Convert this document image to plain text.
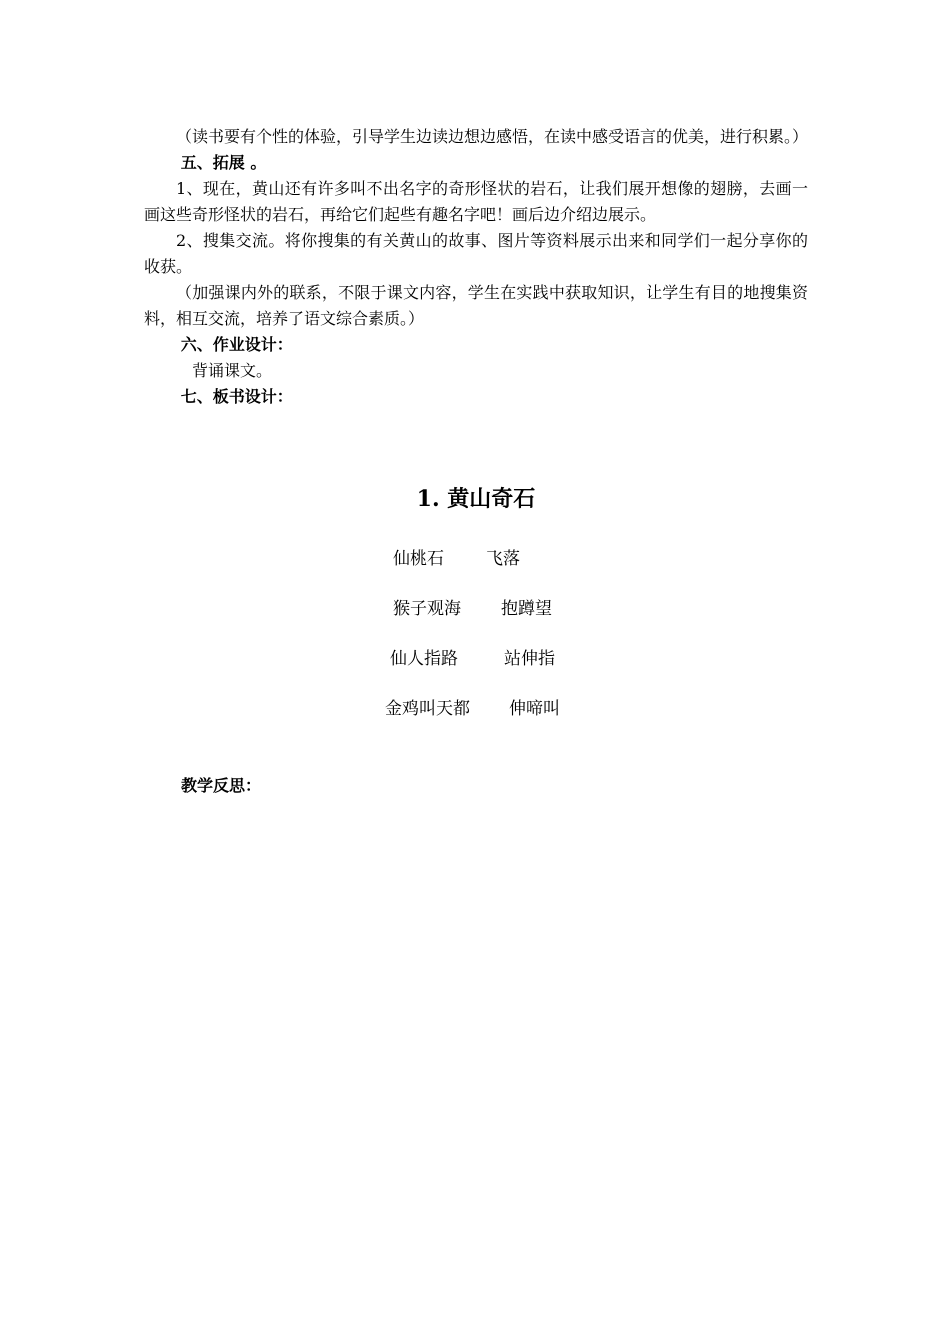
（读书要有个性的体验，引导学生边读边想边感悟，在读中感受语言的优美，进行积累。）

五、拓展 。

1、现在，黄山还有许多叫不出名字的奇形怪状的岩石，让我们展开想像的翅膀，去画一画这些奇形怪状的岩石，再给它们起些有趣名字吧！画后边介绍边展示。

2、搜集交流。将你搜集的有关黄山的故事、图片等资料展示出来和同学们一起分享你的收获。

（加强课内外的联系，不限于课文内容，学生在实践中获取知识，让学生有目的地搜集资料，相互交流，培养了语文综合素质。）

六、作业设计：

背诵课文。

七、板书设计：

1. 黄山奇石

仙桃石 飞落
猴子观海 抱蹲望
仙人指路	站伸指
金鸡叫天都 伸啼叫

教学反思：
